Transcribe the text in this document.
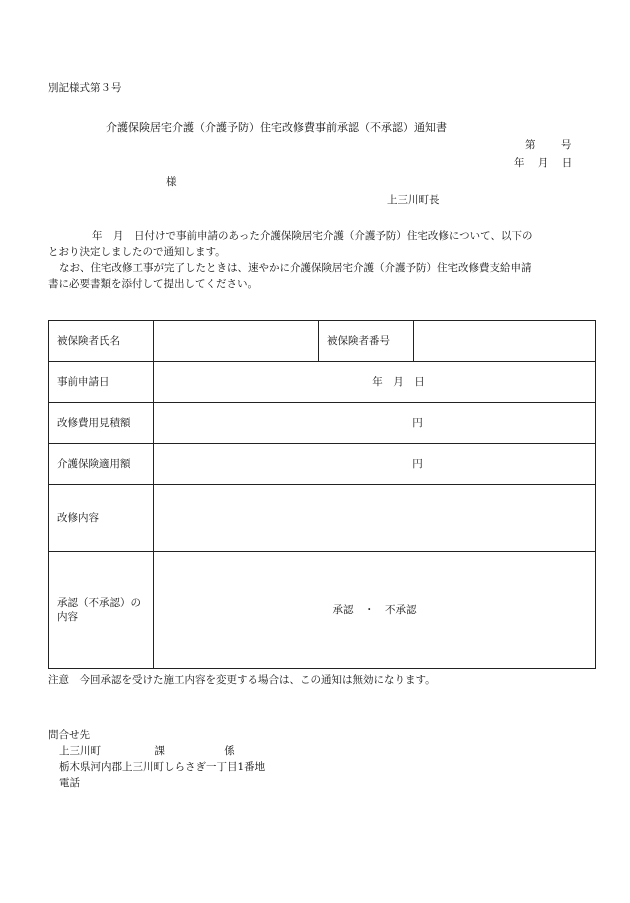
別記様式第３号
介護保険居宅介護（介護予防）住宅改修費事前承認（不承認）通知書
第 号
年 月 日
様
上三川町長

年　月　日付けで事前申請のあった介護保険居宅介護（介護予防）住宅改修について、以下の

とおり決定しましたので通知します。

なお、住宅改修工事が完了したときは、速やかに介護保険居宅介護（介護予防）住宅改修費支給申請

書に必要書類を添付して提出してください。

被保険者氏名		被保険者番号	
事前申請日	年　月　日		
改修費用見積額	円		
介護保険適用額	円		
改修内容			
承認（不承認）の
内容	承認　・　不承認		
注意　今回承認を受けた施工内容を変更する場合は、この通知は無効になります。
問合せ先
上三川町	課	係
栃木県河内郡上三川町しらさぎ一丁目1番地
電話
